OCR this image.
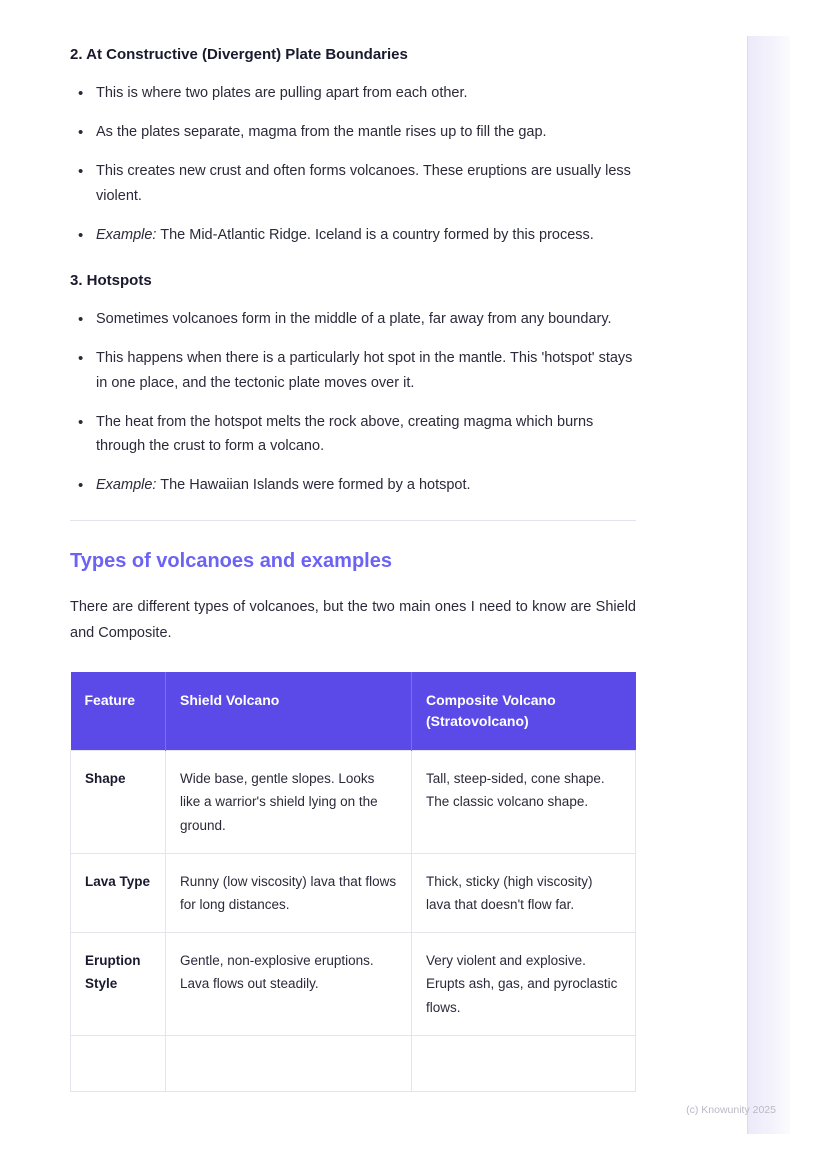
2. At Constructive (Divergent) Plate Boundaries
• This is where two plates are pulling apart from each other.
• As the plates separate, magma from the mantle rises up to fill the gap.
• This creates new crust and often forms volcanoes. These eruptions are usually less violent.
• Example: The Mid-Atlantic Ridge. Iceland is a country formed by this process.
3. Hotspots
• Sometimes volcanoes form in the middle of a plate, far away from any boundary.
• This happens when there is a particularly hot spot in the mantle. This 'hotspot' stays in one place, and the tectonic plate moves over it.
• The heat from the hotspot melts the rock above, creating magma which burns through the crust to form a volcano.
• Example: The Hawaiian Islands were formed by a hotspot.
Types of volcanoes and examples

There are different types of volcanoes, but the two main ones I need to know are Shield and Composite.

Feature	Shield Volcano	Composite Volcano (Stratovolcano)
Shape	Wide base, gentle slopes. Looks like a warrior's shield lying on the ground.	Tall, steep-sided, cone shape. The classic volcano shape.
Lava Type	Runny (low viscosity) lava that flows for long distances.	Thick, sticky (high viscosity) lava that doesn't flow far.
Eruption Style	Gentle, non-explosive eruptions. Lava flows out steadily.	Very violent and explosive. Erupts ash, gas, and pyroclastic flows.

(c) Knowunity 2025
